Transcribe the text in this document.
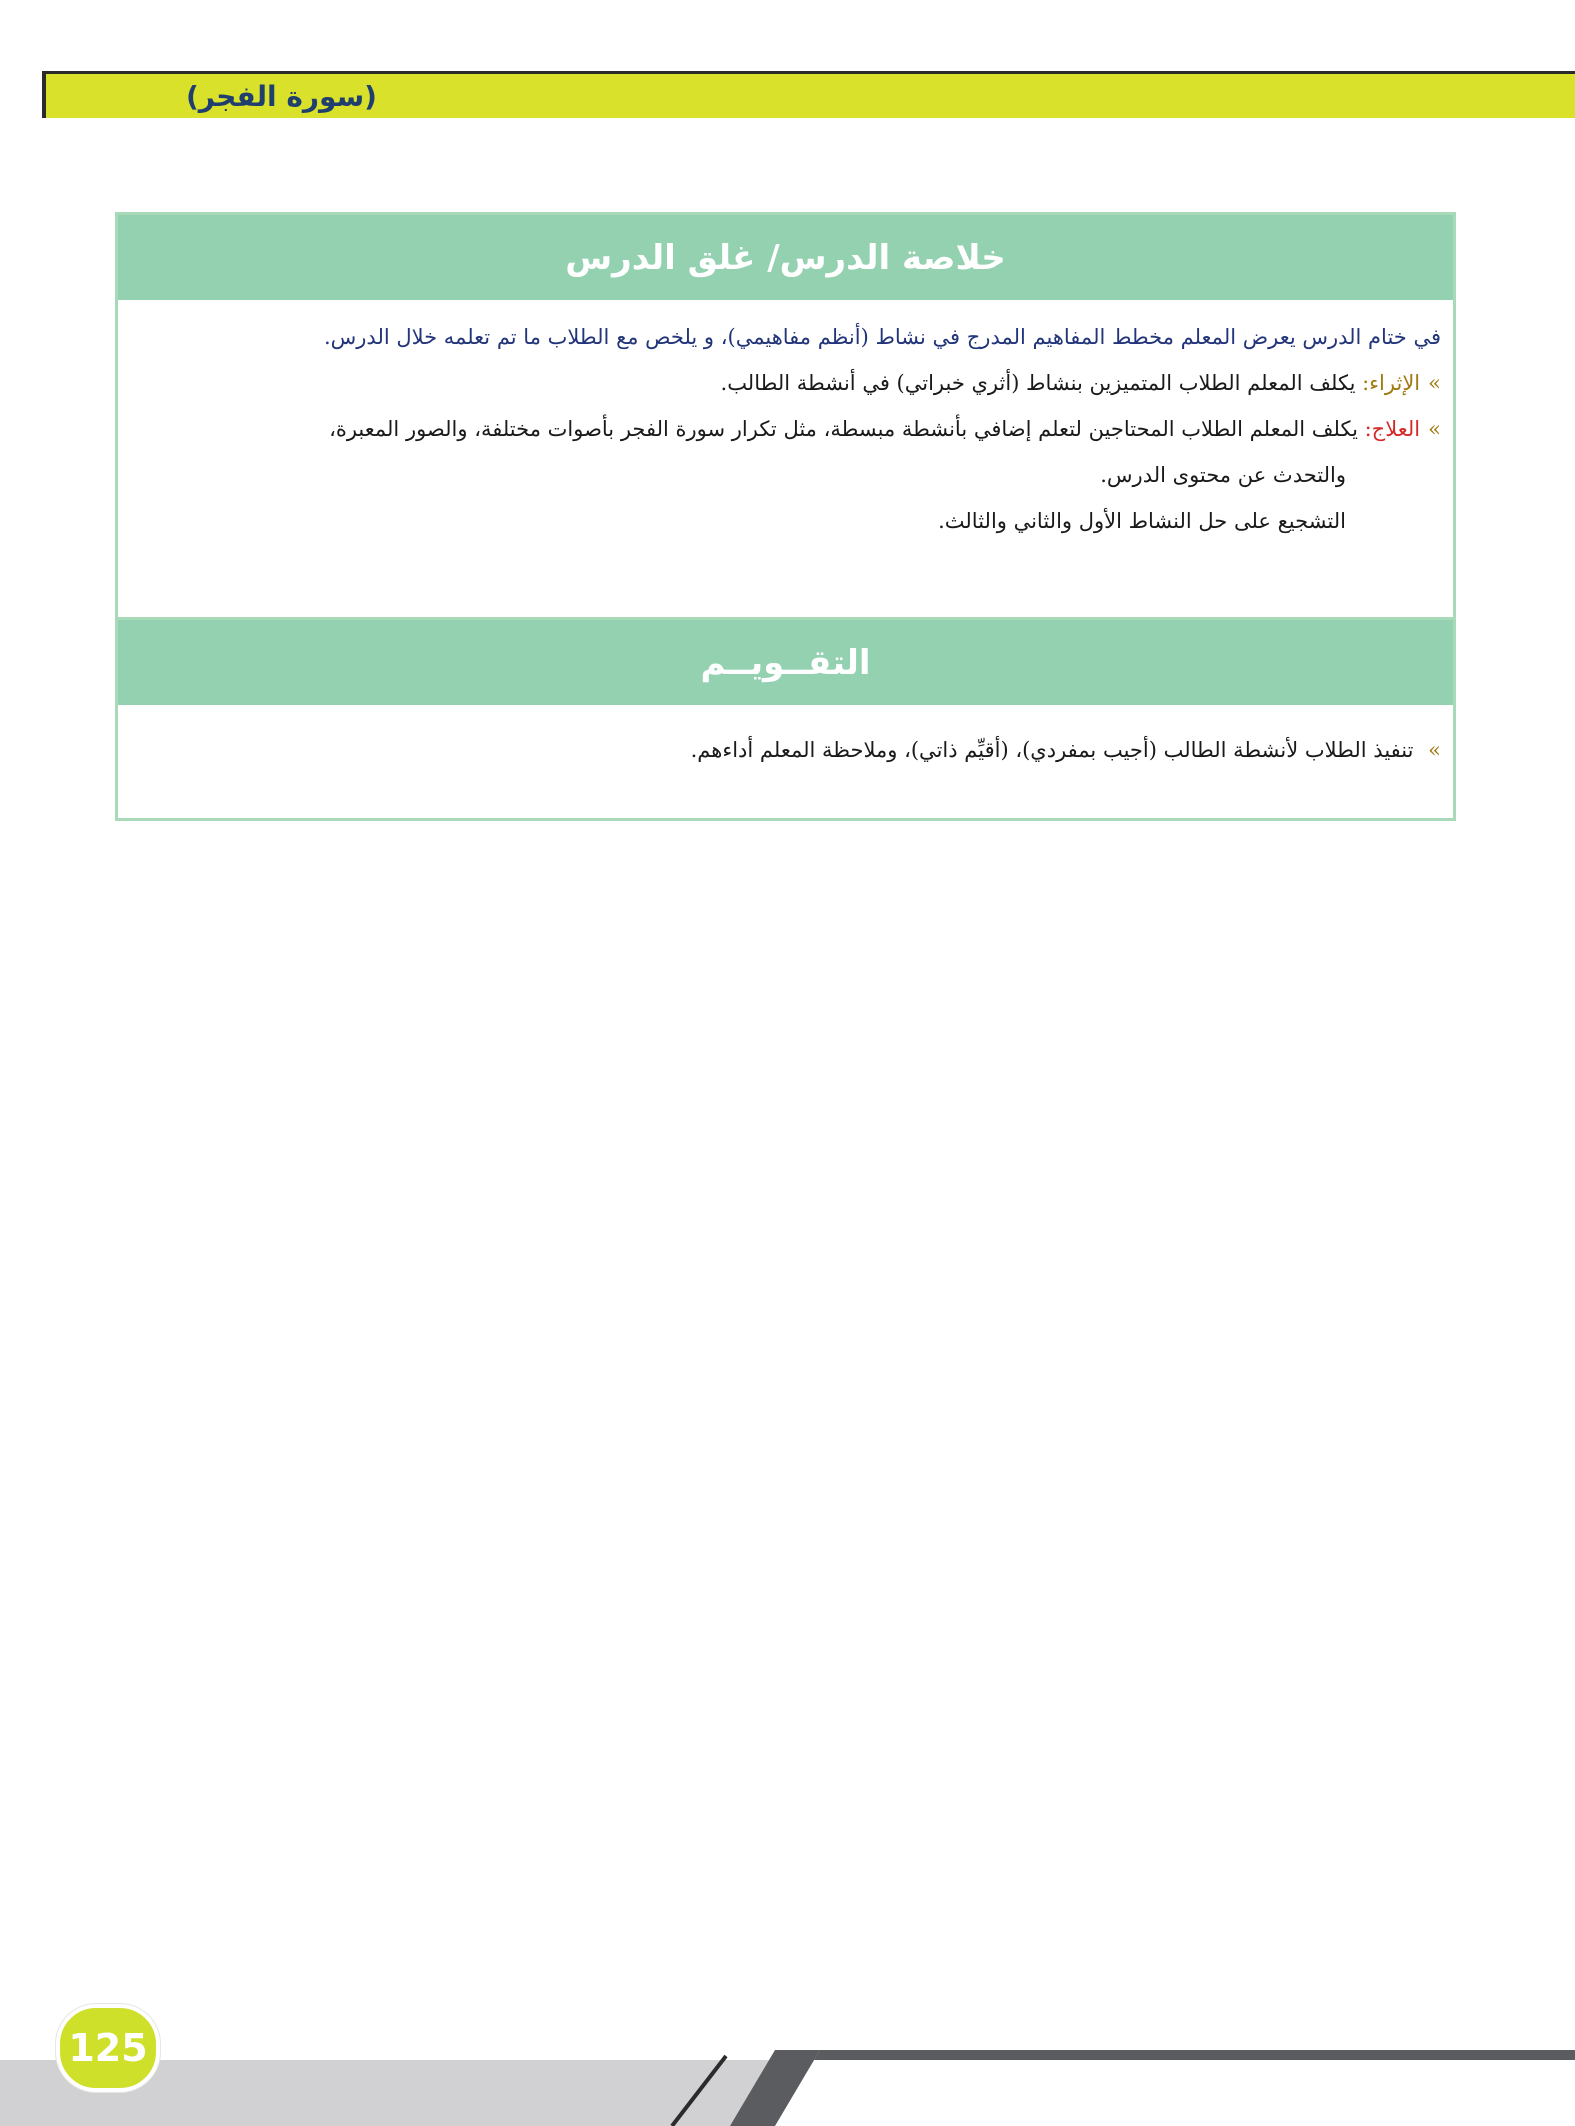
(سورة الفجر)
خلاصة الدرس/ غلق الدرس
في ختام الدرس يعرض المعلم مخطط المفاهيم المدرج في نشاط (أنظم مفاهيمي)، و يلخص مع الطلاب ما تم تعلمه خلال الدرس.
»الإثراء: يكلف المعلم الطلاب المتميزين بنشاط (أثري خبراتي) في أنشطة الطالب.
»العلاج: يكلف المعلم الطلاب المحتاجين لتعلم إضافي بأنشطة مبسطة، مثل تكرار سورة الفجر بأصوات مختلفة، والصور المعبرة،
والتحدث عن محتوى الدرس.
التشجيع على حل النشاط الأول والثاني والثالث.
التقــويــم
» تنفيذ الطلاب لأنشطة الطالب (أجيب بمفردي)، (أقيِّم ذاتي)، وملاحظة المعلم أداءهم.
125
